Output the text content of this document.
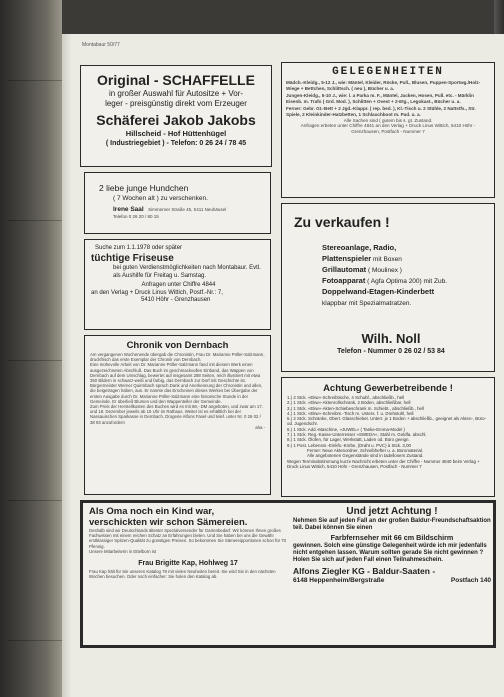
Montabaur 50/77
Original - SCHAFFELLE
in großer Auswahl für Autositze + Vor-
leger - preisgünstig direkt vom Erzeuger
Schäferei Jakob Jakobs
Hillscheid - Hof Hüttenhügel
( Industriegebiet ) - Telefon: 0 26 24 / 78 45
GELEGENHEITEN
Mädch.-Kleidg., 5-12 J., wie: Mäntel, Kleider, Röcke, Pull., Blusen, Puppen-Sportwg./Holz-Wiege + Bettchen, Schlittsch. ( neu ), Bücher u. a.
Jungen-Kleidg., 5-10 J., wie: l. a Parka m. F., Mäntel, Jacken, Hosen, Pull. etc. - Märklin Eisenb. m. Trafo ( Grd. Mod. ), Schlitten + Ovest + 2-Etg., Legokast., Bücher u. a.
Ferner: Gebr. Gt.-Bett + 2 Jgd.-Klappr. ( rep. bed. ), Kl.-Tisch u. 2 Stühle, 2 Nattstfs., Str. Spiele, 2 Kleinkinder-Hatzbetten, 1 Schlauchboot m. Pad. u. a.
Alle Sachen sind ( gutem bis s. gt. Zustand.
Anfragen erbeten unter Chiffre 4841 an den Verlag + Druck Linus Wittich, 5410 Höhr - Grenzhausen, Postfach - Nummer 7
2 liebe junge Hundchen
( 7 Wochen alt ) zu verschenken.
Irene Saal Simmerner Straße 45, 5411 Neuhäusel
Telefon 0 26 20 / 80 15	Zu verkaufen !
Stereoanlage, Radio,
Plattenspieler mit Boxen
Grillautomat ( Moulinex )
Fotoapparat ( Agfa Optima 200) mit Zub.
Doppelwand-Etagen-Kinderbett
klappbar mit Spezialmatratzen.
Wilh. Noll
Telefon - Nummer 0 26 02 / 53 84
Suche zum 1.1.1978 oder später
tüchtige Friseuse
bei guten Verdienstmöglichkeiten nach Montabaur. Evtl. als Aushilfe für Freitag u. Samstag.
Anfragen unter Chiffre 4844
an den Verlag + Druck Linus Wittich, Postf.-Nr.: 7,
5410 Höhr - Grenzhausen
Chronik von Dernbach
Am vergangenen Wochenende übergab die Chronistin, Frau Dr. Marianne Pöller-Salzmann, druckfrisch das erste Exemplar der Chronik von Dernbach.
Eine mühevolle Arbeit von Dr. Marianne Pöller-Salzmann fand mit diesem Werk einen ausgezeichneten Abschluß. Das Buch im geschmackvollen Einband, das Wappen von Dernbach auf dem Umschlag, bewertet auf insgesamt 288 Seiten, reich illustriert mit etwa 350 Bildern in schwarz-weiß und farbig, das Dernbach zur Dorf mit Geschichte ist.
Bürgermeister Werner Quirmbach sprach Dank und Anerkennung der Chronistin und allen, die beigetragen haben, aus. Er nannte das Erscheinen dieses Werkes bei Übergabe der ersten Ausgabe durch Dr. Marianne Pöller-Salzmann eine historische Stunde in der Gemeinde. Er überließ Blumen und den Wappenteller der Gemeinde.
Zum Preis der Herstellkosten des Buches wird es mit 68,- DM angeboten, und zwar am 17. und 18. Dezember jeweils ab 15 Uhr im Rathaus. Weiter ist es erhältlich bei der Nassauischen Sparkasse in Dernbach, Drogerie Alfons Fasel und telef. unter Nr. 0 26 02 / 38 93 anzufordern
aha -
Achtung Gewerbetreibende !
1.) 2 Stck. «Ekw»-Schreibtische, 4 Schubf., abschließb., hell
2.) 1 Stck. «Ekw»-Aktenrollschrank, 2 Böden, abschließbar, hell
3.) 1 Stck. «Ekw»-Akten-Schiebeschrank m. Schiebt., abschließb., hell
4.) 1 Stck. «Ekw»-Schreibm.-Tisch m. Unters. f. u. Drehstuhl, hell
5.) 2 Stck. Schränke, Obert. Glasschiebet. Unterr. je 1 Boden + abschließb., geeignet als Akten-, Büro- od. Jugendschr.
6.) 1 Stck. Add.-Maschine, »JUWEL« ( Tanke-Emma-Model )
7.) 1 Stck. Reg.-Kasse-Unterresser »SWEDA«, Stahl m. Geldfa. abschl.
8.) 1 Stck. Ölofen, für Lager, Werkstatt, Laden od. Büro geeign.
9.) 1 Post. Lebensm.-Einkfs.-Körbe, (Draht u. PVC) à Stck. 3,00
Ferner: Neue Aktenordner, Schreibhefter u. a. Büromaterial.
Alle angebotenen Gegenstände sind in tadellosem Zustand.
Wegen Terminabstimmung kurze Nachricht erbeten unter der Chiffre - Nummer 4840 beim Verlag + Druck Linus Wittich, 5410 Höhr - Grenzhausen, Postfach - Nummer 7
Als Oma noch ein Kind war,
verschickten wir schon Sämereien.
Deshalb sind wir Deutschlands ältester Spezialversender für Gartenbedarf. Wir können Ihnen großes Fachwissen mit einem reichen Schatz an Erfahrungen bieten. Und Sie haben bei uns die Gewähr erstklassiger Spitzen-Qualität zu günstigen Preisen. So bekommen Sie Sämereipportionen schon für 70 Pfennig.
Unsere Mitarbeiterin in Ettelborn ist
Frau Brigitte Kap, Hohlweg 17
Frau Kap hält für Sie unseren Katalog 78 mit vielen Neuheiten bereit. Sie wird Sie in den nächsten Wochen besuchen. Oder noch einfacher: Sie holen den Katalog ab.
Und jetzt Achtung !
Nehmen Sie auf jeden Fall an der großen Baldur-Freundschaftsaktion teil. Dabei können Sie einen
Farbfernseher mit 66 cm Bildschirm
gewinnen. Solch eine günstige Gelegenheit würde ich mir jedenfalls nicht entgehen lassen. Warum sollten gerade Sie nicht gewinnen ? Holen Sie sich auf jeden Fall einen Teilnahmeschein.
Alfons Ziegler KG - Baldur-Saaten -
6148 Heppenheim/Bergstraße	Postfach 140
